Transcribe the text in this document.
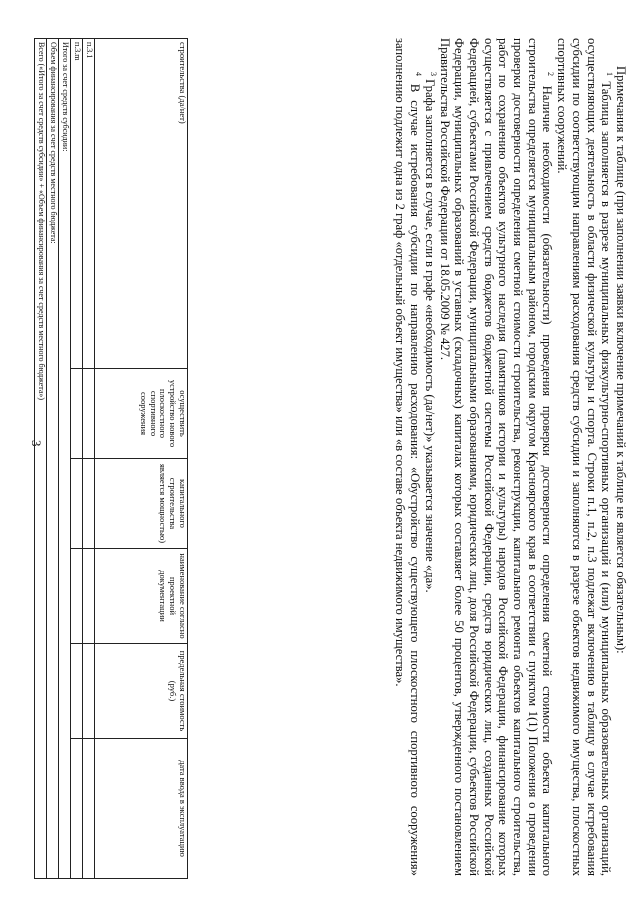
3
строительства (да/нет)	осуществить устройство нового плоскостного спортивного сооружения	капитального строительства является мощностью)	наименование согласно проектной документации	предельная стоимость (руб.)	дата ввода в эксплуатацию
п.3.1					
п.3.m					
Итого за счет средств субсидии:					
Объем финансирования за счет средств местного бюджета:					
Всего («Итого за счет средств субсидии» + «Объем финансирования за счет средств местного бюджета»)						Примечания к таблице (при заполнении заявки включение примечаний к таблице не является обязательным):

$^1$ Таблица заполняется в разрезе муниципальных физкультурно-спортивных организаций и (или) муниципальных образовательных организаций, осуществляющих деятельность в области физической культуры и спорта. Строки п.1, п.2, п.3 подлежат включению в таблицу в случае истребования субсидии по соответствующим направлениям расходования средств субсидии и заполняются в разрезе объектов недвижимого имущества, плоскостных спортивных сооружений.

$^2$ Наличие необходимости (обязательности) проведения проверки достоверности определения сметной стоимости объекта капитального строительства определяется муниципальным районом, городским округом Красноярского края в соответствии с пунктом 1(1) Положения о проведении проверки достоверности определения сметной стоимости строительства, реконструкции, капитального ремонта объектов капитального строительства, работ по сохранению объектов культурного наследия (памятников истории и культуры) народов Российской Федерации, финансирование которых осуществляется с привлечением средств бюджетов бюджетной системы Российской Федерации, средств юридических лиц, созданных Российской Федерацией, субъектами Российской Федерации, муниципальными образованиями, юридических лиц, доля Российской Федерации, субъектов Российской Федерации, муниципальных образований в уставных (складочных) капиталах которых составляет более 50 процентов, утвержденного постановлением Правительства Российской Федерации от 18.05.2009 № 427.

$^3$ Графа заполняется в случае, если в графе «необходимость (да/нет)» указывается значение «да».

$^4$ В случае истребования субсидии по направлению расходования: «Обустройство существующего плоскостного спортивного сооружения» заполнению подлежит одна из 2 граф «отдельный объект имущества» или «в составе объекта недвижимого имущества».
